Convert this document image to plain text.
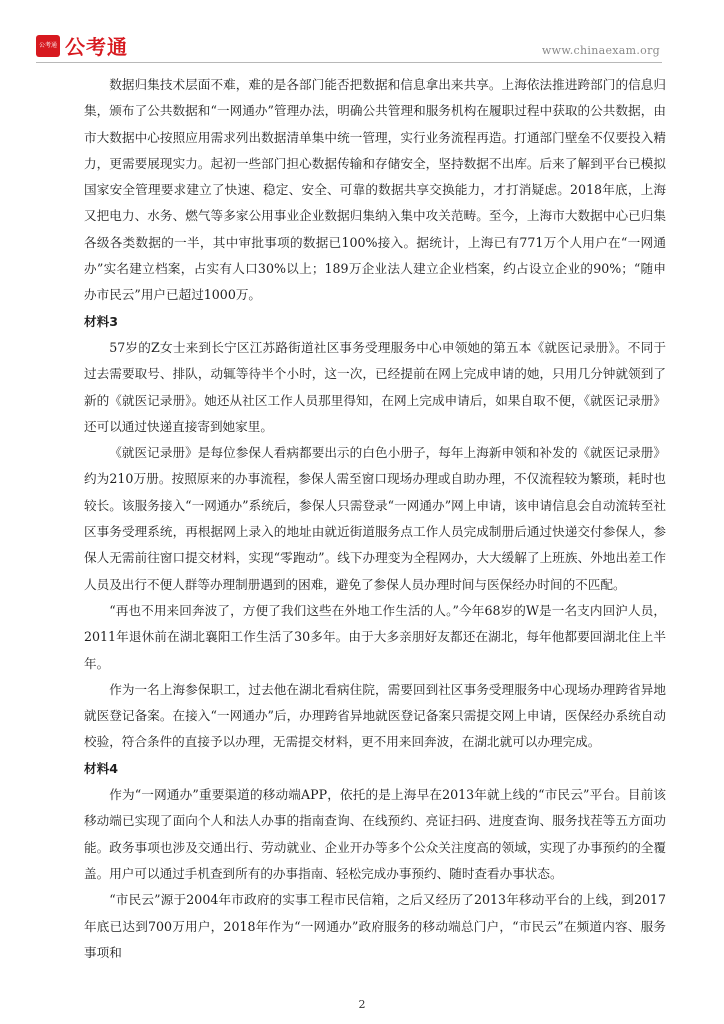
公考通 公考通	www.chinaexam.org

数据归集技术层面不难，难的是各部门能否把数据和信息拿出来共享。上海依法推进跨部门的信息归集，颁布了公共数据和“一网通办”管理办法，明确公共管理和服务机构在履职过程中获取的公共数据，由市大数据中心按照应用需求列出数据清单集中统一管理，实行业务流程再造。打通部门壁垒不仅要投入精力，更需要展现实力。起初一些部门担心数据传输和存储安全，坚持数据不出库。后来了解到平台已模拟国家安全管理要求建立了快速、稳定、安全、可靠的数据共享交换能力，才打消疑虑。2018年底，上海又把电力、水务、燃气等多家公用事业企业数据归集纳入集中攻关范畴。至今，上海市大数据中心已归集各级各类数据的一半，其中审批事项的数据已100%接入。据统计，上海已有771万个人用户在“一网通办”实名建立档案，占实有人口30%以上；189万企业法人建立企业档案，约占设立企业的90%；“随申办市民云”用户已超过1000万。

材料3

57岁的Z女士来到长宁区江苏路街道社区事务受理服务中心申领她的第五本《就医记录册》。不同于过去需要取号、排队，动辄等待半个小时，这一次，已经提前在网上完成申请的她，只用几分钟就领到了新的《就医记录册》。她还从社区工作人员那里得知，在网上完成申请后，如果自取不便，《就医记录册》还可以通过快递直接寄到她家里。

《就医记录册》是每位参保人看病都要出示的白色小册子，每年上海新申领和补发的《就医记录册》约为210万册。按照原来的办事流程，参保人需至窗口现场办理或自助办理，不仅流程较为繁琐，耗时也较长。该服务接入“一网通办”系统后，参保人只需登录“一网通办”网上申请，该申请信息会自动流转至社区事务受理系统，再根据网上录入的地址由就近街道服务点工作人员完成制册后通过快递交付参保人，参保人无需前往窗口提交材料，实现“零跑动”。线下办理变为全程网办，大大缓解了上班族、外地出差工作人员及出行不便人群等办理制册遇到的困难，避免了参保人员办理时间与医保经办时间的不匹配。

“再也不用来回奔波了，方便了我们这些在外地工作生活的人。”今年68岁的W是一名支内回沪人员，2011年退休前在湖北襄阳工作生活了30多年。由于大多亲朋好友都还在湖北，每年他都要回湖北住上半年。

作为一名上海参保职工，过去他在湖北看病住院，需要回到社区事务受理服务中心现场办理跨省异地就医登记备案。在接入“一网通办”后，办理跨省异地就医登记备案只需提交网上申请，医保经办系统自动校验，符合条件的直接予以办理，无需提交材料，更不用来回奔波，在湖北就可以办理完成。

材料4

作为“一网通办”重要渠道的移动端APP，依托的是上海早在2013年就上线的“市民云”平台。目前该移动端已实现了面向个人和法人办事的指南查询、在线预约、亮证扫码、进度查询、服务找茬等五方面功能。政务事项也涉及交通出行、劳动就业、企业开办等多个公众关注度高的领域，实现了办事预约的全覆盖。用户可以通过手机查到所有的办事指南、轻松完成办事预约、随时查看办事状态。

“市民云”源于2004年市政府的实事工程市民信箱，之后又经历了2013年移动平台的上线，到2017年底已达到700万用户，2018年作为“一网通办”政府服务的移动端总门户，“市民云”在频道内容、服务事项和

2
